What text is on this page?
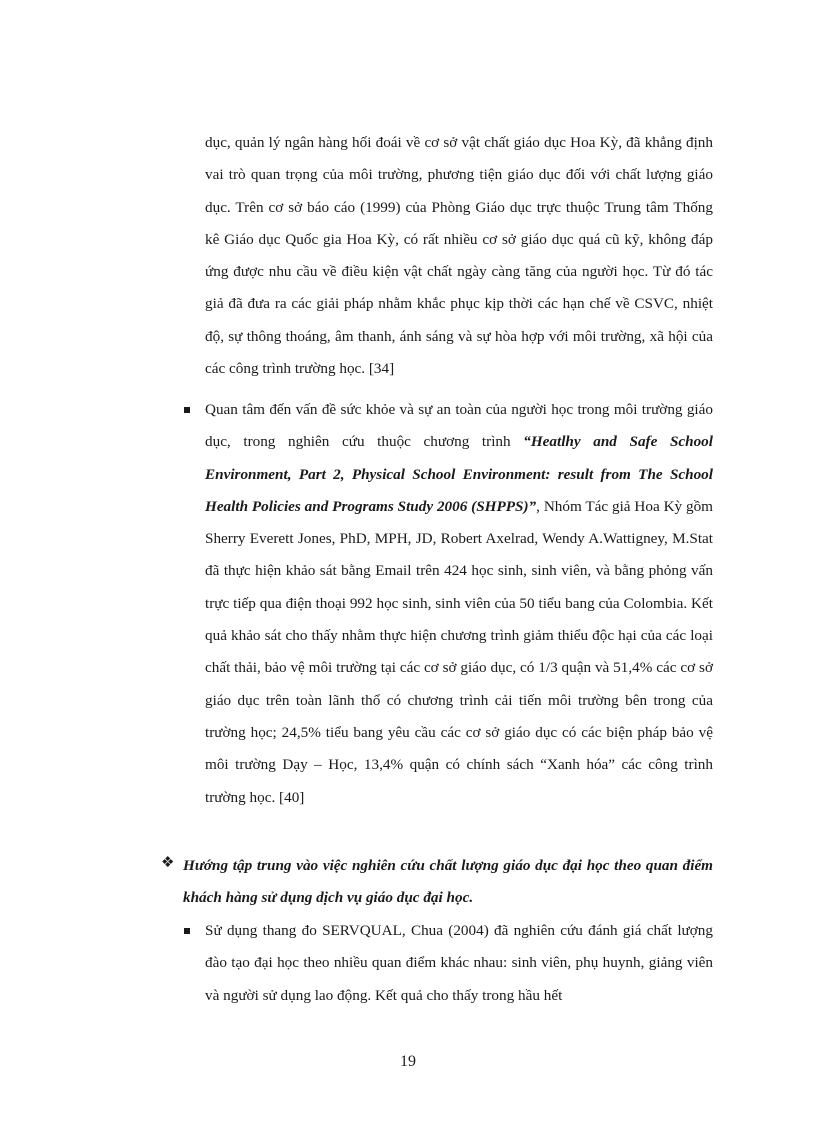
dục, quản lý ngân hàng hối đoái về cơ sở vật chất giáo dục Hoa Kỳ, đã khẳng định vai trò quan trọng của môi trường, phương tiện giáo dục đối với chất lượng giáo dục. Trên cơ sở báo cáo (1999) của Phòng Giáo dục trực thuộc Trung tâm Thống kê Giáo dục Quốc gia Hoa Kỳ, có rất nhiều cơ sở giáo dục quá cũ kỹ, không đáp ứng được nhu cầu về điều kiện vật chất ngày càng tăng của người học. Từ đó tác giả đã đưa ra các giải pháp nhằm khắc phục kịp thời các hạn chế về CSVC, nhiệt độ, sự thông thoáng, âm thanh, ánh sáng và sự hòa hợp với môi trường, xã hội của các công trình trường học. [34]

Quan tâm đến vấn đề sức khỏe và sự an toàn của người học trong môi trường giáo dục, trong nghiên cứu thuộc chương trình “Heatlhy and Safe School Environment, Part 2, Physical School Environment: result from The School Health Policies and Programs Study 2006 (SHPPS)”, Nhóm Tác giả Hoa Kỳ gồm Sherry Everett Jones, PhD, MPH, JD, Robert Axelrad, Wendy A.Wattigney, M.Stat đã thực hiện khảo sát bằng Email trên 424 học sinh, sinh viên, và bằng phỏng vấn trực tiếp qua điện thoại 992 học sinh, sinh viên của 50 tiểu bang của Colombia. Kết quả khảo sát cho thấy nhằm thực hiện chương trình giảm thiểu độc hại của các loại chất thải, bảo vệ môi trường tại các cơ sở giáo dục, có 1/3 quận và 51,4% các cơ sở giáo dục trên toàn lãnh thổ có chương trình cải tiến môi trường bên trong của trường học; 24,5% tiểu bang yêu cầu các cơ sở giáo dục có các biện pháp bảo vệ môi trường Dạy – Học, 13,4% quận có chính sách “Xanh hóa” các công trình trường học. [40]

❖ Hướng tập trung vào việc nghiên cứu chất lượng giáo dục đại học theo quan điểm khách hàng sử dụng dịch vụ giáo dục đại học.

Sử dụng thang đo SERVQUAL, Chua (2004) đã nghiên cứu đánh giá chất lượng đào tạo đại học theo nhiều quan điểm khác nhau: sinh viên, phụ huynh, giảng viên và người sử dụng lao động. Kết quả cho thấy trong hầu hết

19
